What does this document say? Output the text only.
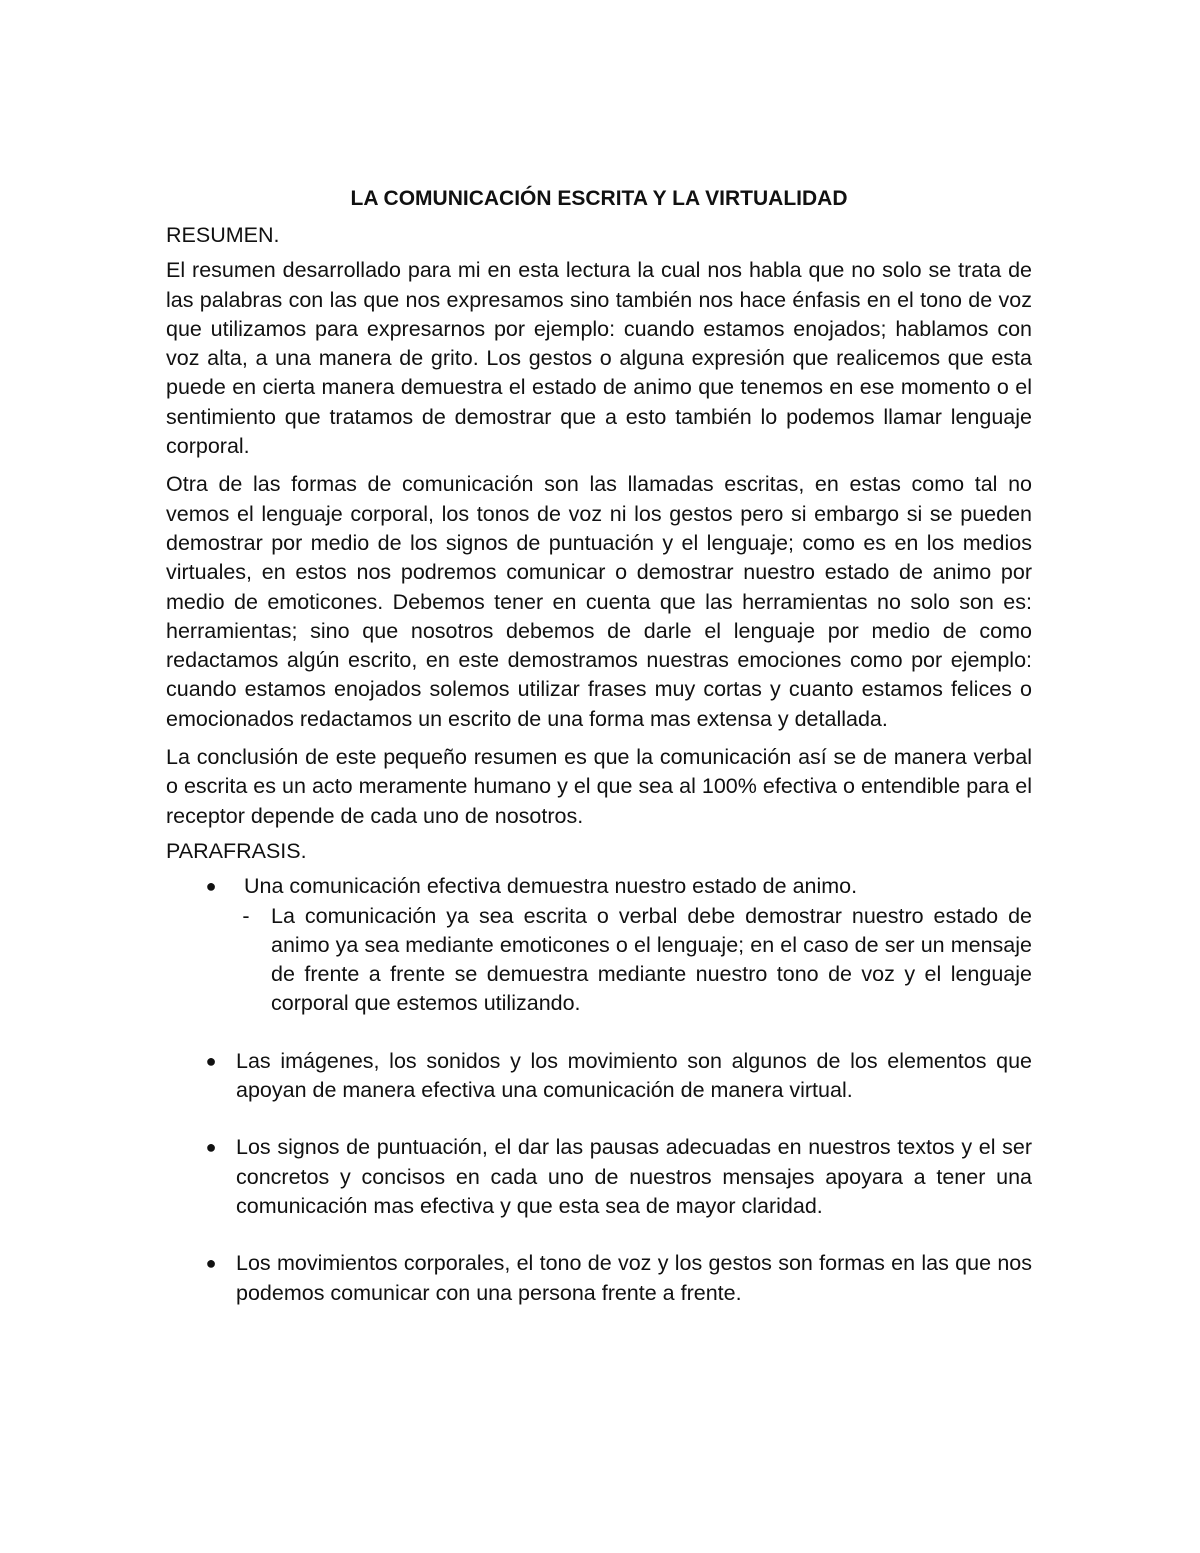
LA COMUNICACIÓN ESCRITA Y LA VIRTUALIDAD
RESUMEN.

El resumen desarrollado para mi en esta lectura la cual nos habla que no solo se trata de las palabras con las que nos expresamos sino también nos hace énfasis en el tono de voz que utilizamos para expresarnos por ejemplo: cuando estamos enojados; hablamos con voz alta, a una manera de grito. Los gestos o alguna expresión que realicemos que esta puede en cierta manera demuestra el estado de animo que tenemos en ese momento o el sentimiento que tratamos de demostrar que a esto también lo podemos llamar lenguaje corporal.

Otra de las formas de comunicación son las llamadas escritas, en estas como tal no vemos el lenguaje corporal, los tonos de voz ni los gestos pero si embargo si se pueden demostrar por medio de los signos de puntuación y el lenguaje; como es en los medios virtuales, en estos nos podremos comunicar o demostrar nuestro estado de animo por medio de emoticones. Debemos tener en cuenta que las herramientas no solo son es: herramientas; sino que nosotros debemos de darle el lenguaje por medio de como redactamos algún escrito, en este demostramos nuestras emociones como por ejemplo: cuando estamos enojados solemos utilizar frases muy cortas y cuanto estamos felices o emocionados redactamos un escrito de una forma mas extensa y detallada.

La conclusión de este pequeño resumen es que la comunicación así se de manera verbal o escrita es un acto meramente humano y el que sea al 100% efectiva o entendible para el receptor depende de cada uno de nosotros.

PARAFRASIS.
●	Una comunicación efectiva demuestra nuestro estado de animo.
- La comunicación ya sea escrita o verbal debe demostrar nuestro estado de animo ya sea mediante emoticones o el lenguaje; en el caso de ser un mensaje de frente a frente se demuestra mediante nuestro tono de voz y el lenguaje corporal que estemos utilizando.
● Las imágenes, los sonidos y los movimiento son algunos de los elementos que apoyan de manera efectiva una comunicación de manera virtual.
● Los signos de puntuación, el dar las pausas adecuadas en nuestros textos y el ser concretos y concisos en cada uno de nuestros mensajes apoyara a tener una comunicación mas efectiva y que esta sea de mayor claridad.
● Los movimientos corporales, el tono de voz y los gestos son formas en las que nos podemos comunicar con una persona frente a frente.
